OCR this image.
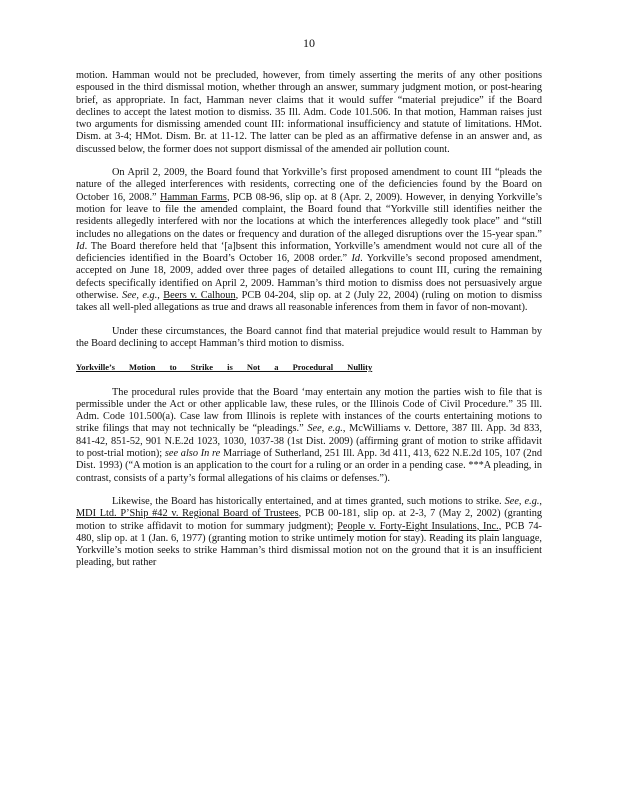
10

motion. Hamman would not be precluded, however, from timely asserting the merits of any other positions espoused in the third dismissal motion, whether through an answer, summary judgment motion, or post-hearing brief, as appropriate. In fact, Hamman never claims that it would suffer “material prejudice” if the Board declines to accept the latest motion to dismiss. 35 Ill. Adm. Code 101.506. In that motion, Hamman raises just two arguments for dismissing amended count III: informational insufficiency and statute of limitations. HMot. Dism. at 3-4; HMot. Dism. Br. at 11-12. The latter can be pled as an affirmative defense in an answer and, as discussed below, the former does not support dismissal of the amended air pollution count.

On April 2, 2009, the Board found that Yorkville’s first proposed amendment to count III “pleads the nature of the alleged interferences with residents, correcting one of the deficiencies found by the Board on October 16, 2008.” Hamman Farms, PCB 08-96, slip op. at 8 (Apr. 2, 2009). However, in denying Yorkville’s motion for leave to file the amended complaint, the Board found that “Yorkville still identifies neither the residents allegedly interfered with nor the locations at which the interferences allegedly took place” and “still includes no allegations on the dates or frequency and duration of the alleged disruptions over the 15-year span.” Id. The Board therefore held that ‘[a]bsent this information, Yorkville’s amendment would not cure all of the deficiencies identified in the Board’s October 16, 2008 order.” Id. Yorkville’s second proposed amendment, accepted on June 18, 2009, added over three pages of detailed allegations to count III, curing the remaining defects specifically identified on April 2, 2009. Hamman’s third motion to dismiss does not persuasively argue otherwise. See, e.g., Beers v. Calhoun, PCB 04-204, slip op. at 2 (July 22, 2004) (ruling on motion to dismiss takes all well-pled allegations as true and draws all reasonable inferences from them in favor of non-movant).

Under these circumstances, the Board cannot find that material prejudice would result to Hamman by the Board declining to accept Hamman’s third motion to dismiss.

Yorkville’s Motion to Strike is Not a Procedural Nullity

The procedural rules provide that the Board ‘may entertain any motion the parties wish to file that is permissible under the Act or other applicable law, these rules, or the Illinois Code of Civil Procedure.” 35 Ill. Adm. Code 101.500(a). Case law from Illinois is replete with instances of the courts entertaining motions to strike filings that may not technically be “pleadings.” See, e.g., McWilliams v. Dettore, 387 Ill. App. 3d 833, 841-42, 851-52, 901 N.E.2d 1023, 1030, 1037-38 (1st Dist. 2009) (affirming grant of motion to strike affidavit to post-trial motion); see also In re Marriage of Sutherland, 251 Ill. App. 3d 411, 413, 622 N.E.2d 105, 107 (2nd Dist. 1993) (“A motion is an application to the court for a ruling or an order in a pending case. ***A pleading, in contrast, consists of a party’s formal allegations of his claims or defenses.”).

Likewise, the Board has historically entertained, and at times granted, such motions to strike. See, e.g., MDI Ltd. P’Ship #42 v. Regional Board of Trustees, PCB 00-181, slip op. at 2-3, 7 (May 2, 2002) (granting motion to strike affidavit to motion for summary judgment); People v. Forty-Eight Insulations, Inc., PCB 74-480, slip op. at 1 (Jan. 6, 1977) (granting motion to strike untimely motion for stay). Reading its plain language, Yorkville’s motion seeks to strike Hamman’s third dismissal motion not on the ground that it is an insufficient pleading, but rather
